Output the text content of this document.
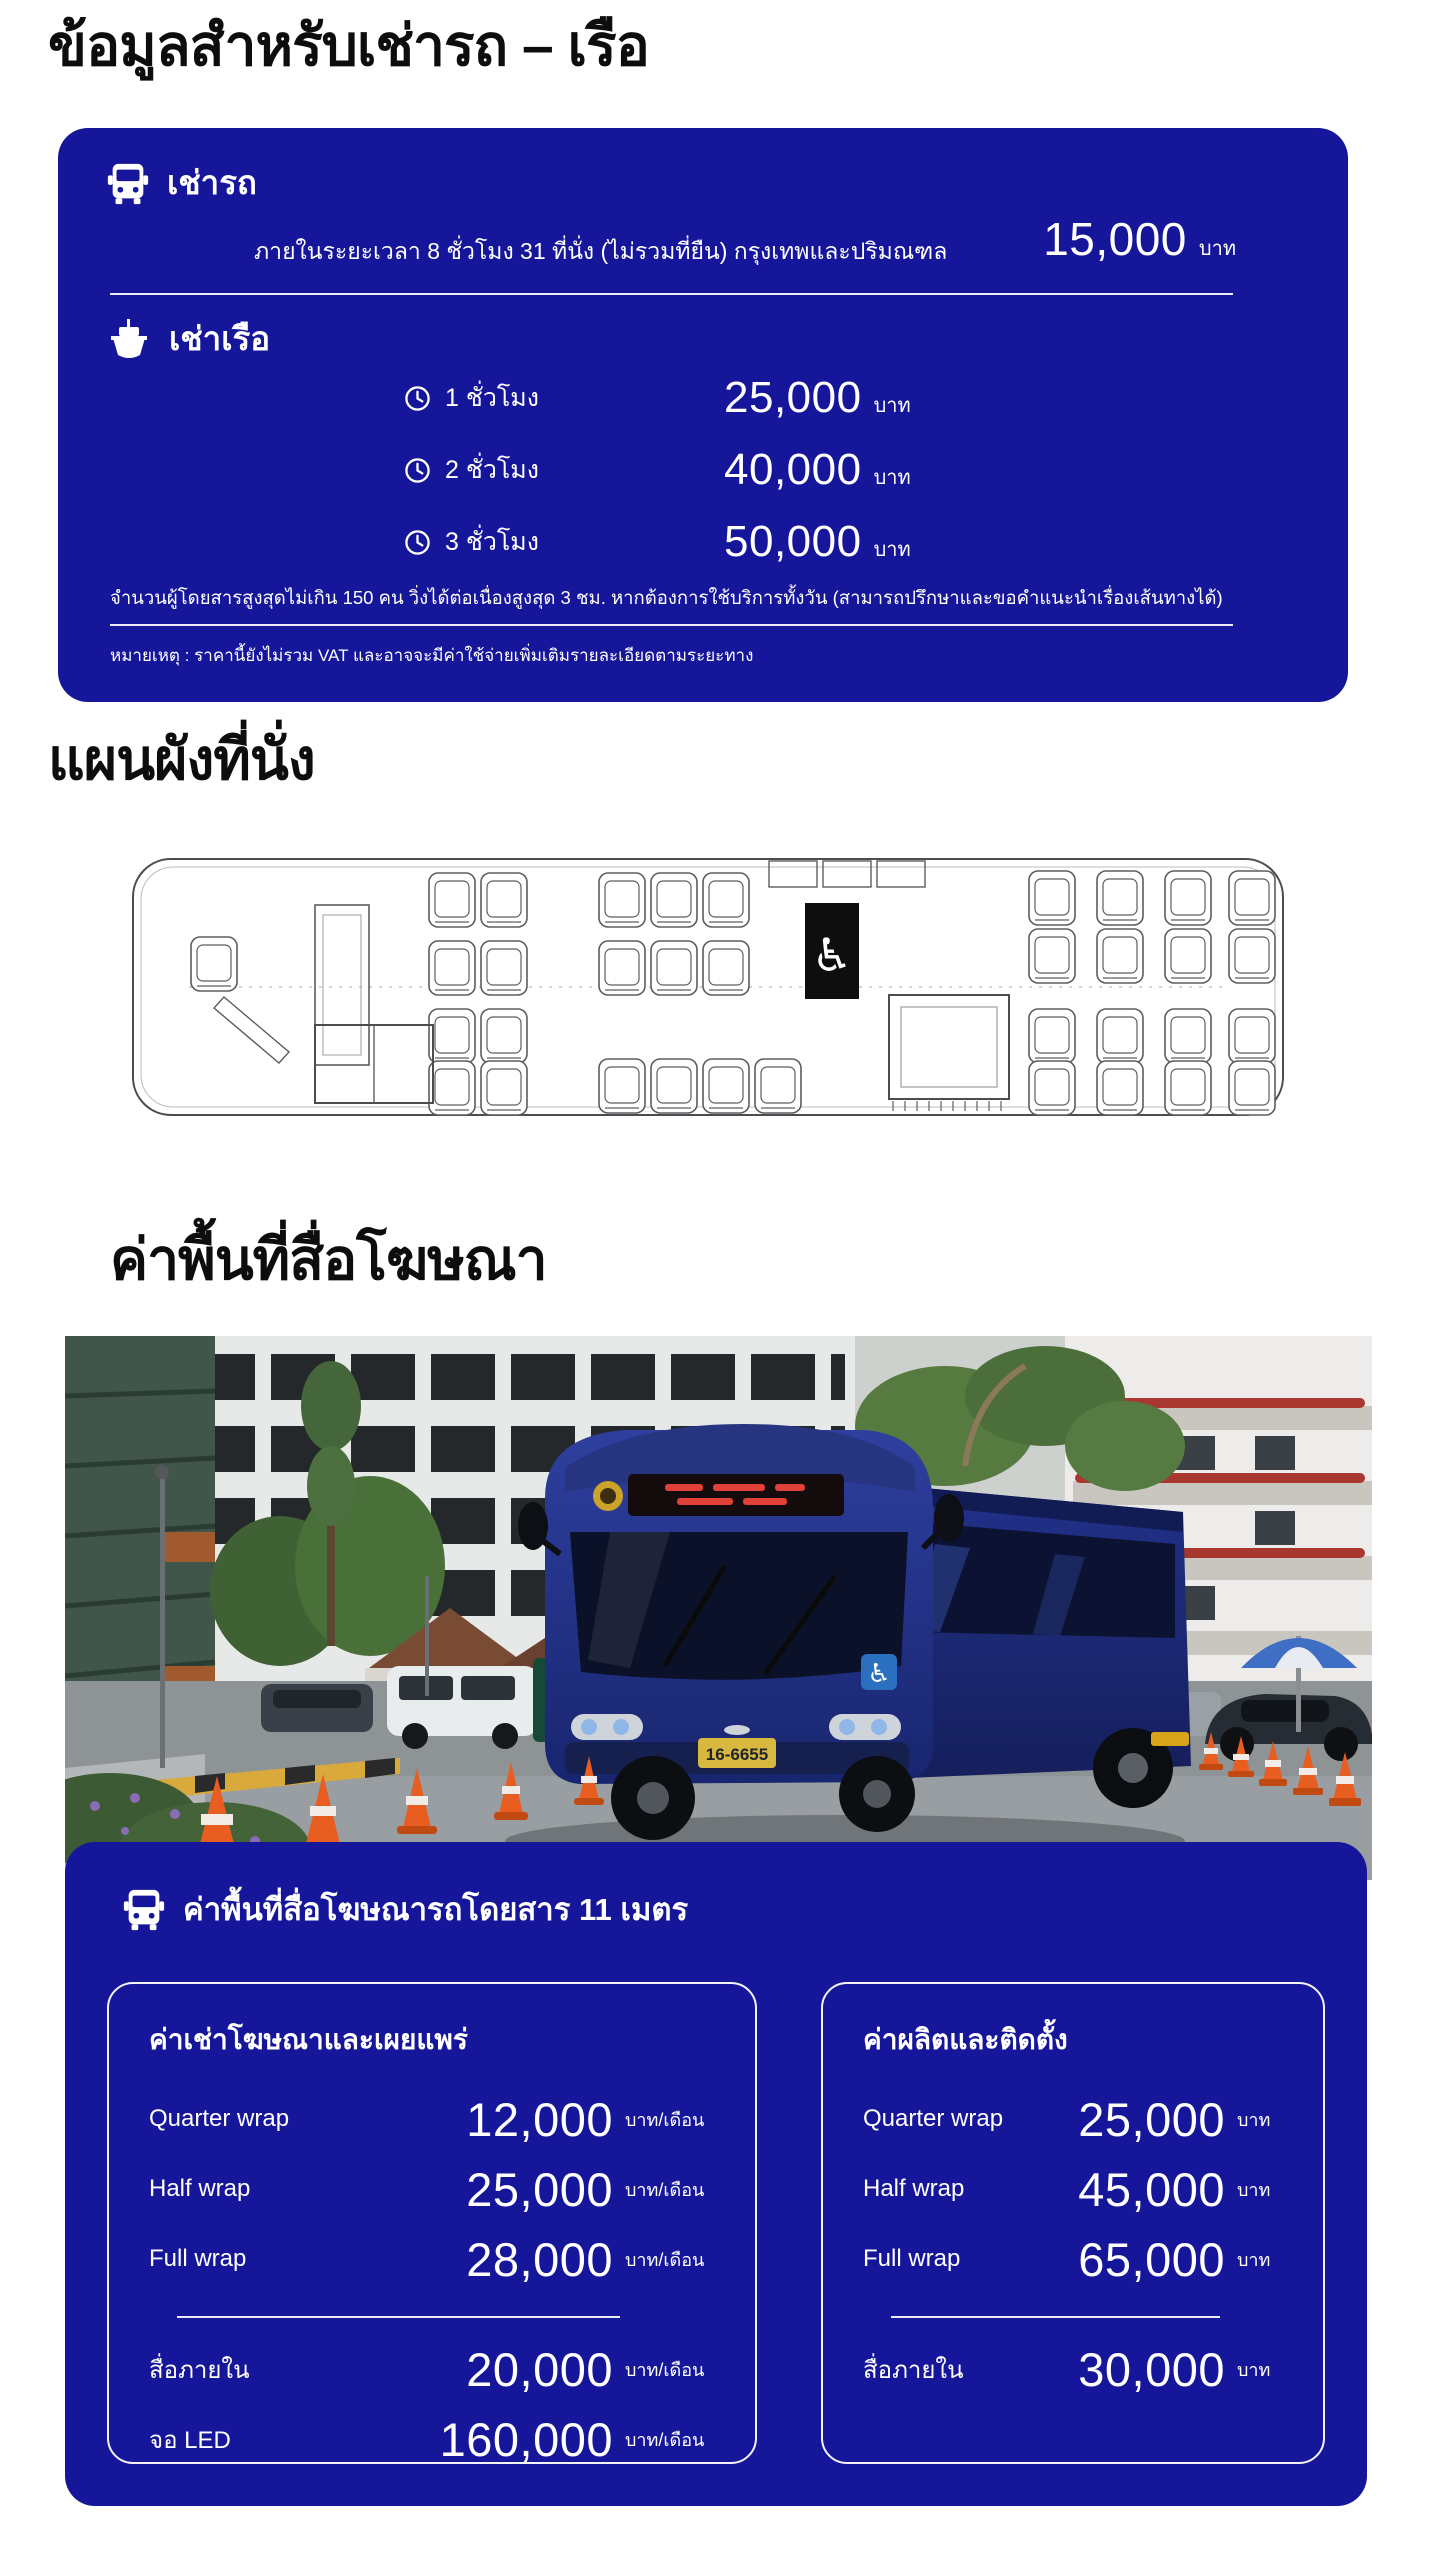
ข้อมูลสำหรับเช่ารถ – เรือ
เช่ารถ
ภายในระยะเวลา 8 ชั่วโมง 31 ที่นั่ง (ไม่รวมที่ยืน) กรุงเทพและปริมณฑล 15,000 บาท
เช่าเรือ
1 ชั่วโมง	25,000 บาท
2 ชั่วโมง	40,000 บาท
3 ชั่วโมง	50,000 บาท
จำนวนผู้โดยสารสูงสุดไม่เกิน 150 คน วิ่งได้ต่อเนื่องสูงสุด 3 ชม. หากต้องการใช้บริการทั้งวัน (สามารถปรึกษาและขอคำแนะนำเรื่องเส้นทางได้)
หมายเหตุ : ราคานี้ยังไม่รวม VAT และอาจจะมีค่าใช้จ่ายเพิ่มเติมรายละเอียดตามระยะทาง
แผนผังที่นั่ง
♿
ค่าพื้นที่สื่อโฆษณา
16-6655
♿
ค่าพื้นที่สื่อโฆษณารถโดยสาร 11 เมตร
ค่าเช่าโฆษณาและเผยแพร่
Quarter wrap	12,000 บาท/เดือน
Half wrap	25,000 บาท/เดือน
Full wrap	28,000 บาท/เดือน
สื่อภายใน	20,000 บาท/เดือน
จอ LED	160,000 บาท/เดือน
ค่าผลิตและติดตั้ง
Quarter wrap	25,000 บาท
Half wrap	45,000 บาท
Full wrap	65,000 บาท
สื่อภายใน	30,000 บาท
